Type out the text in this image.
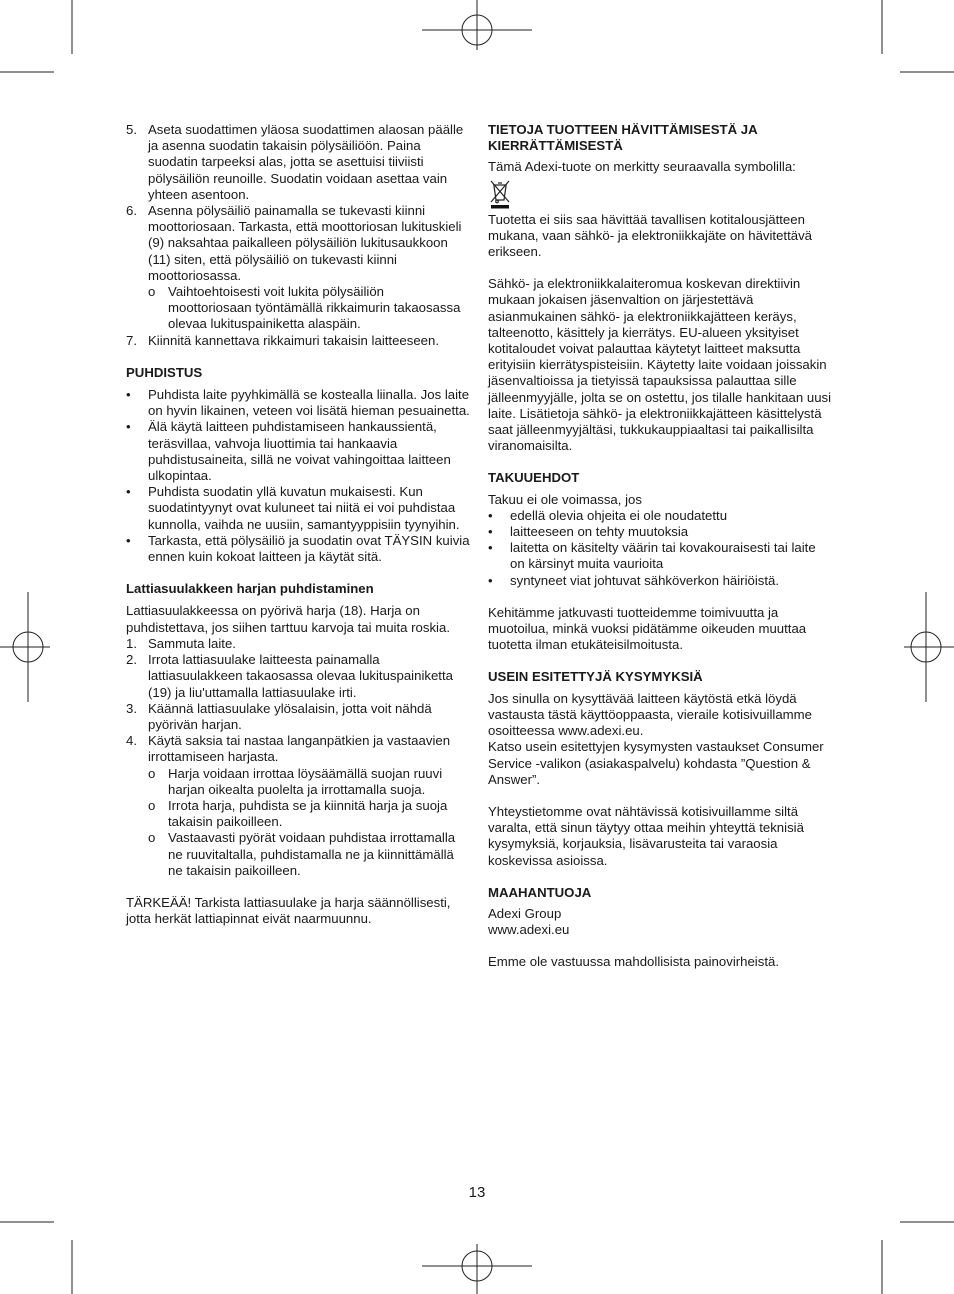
5. Aseta suodattimen yläosa suodattimen alaosan päälle ja asenna suodatin takaisin pölysäiliöön. Paina suodatin tarpeeksi alas, jotta se asettuisi tiiviisti pölysäiliön reunoille. Suodatin voidaan asettaa vain yhteen asentoon.
6. Asenna pölysäiliö painamalla se tukevasti kiinni moottoriosaan. Tarkasta, että moottoriosan lukituskieli (9) naksahtaa paikalleen pölysäiliön lukitusaukkoon (11) siten, että pölysäiliö on tukevasti kiinni moottoriosassa.
o Vaihtoehtoisesti voit lukita pölysäiliön moottoriosaan työntämällä rikkaimurin takaosassa olevaa lukituspainiketta alaspäin.
7. Kiinnitä kannettava rikkaimuri takaisin laitteeseen.

PUHDISTUS

• Puhdista laite pyyhkimällä se kostealla liinalla. Jos laite on hyvin likainen, veteen voi lisätä hieman pesuainetta.
• Älä käytä laitteen puhdistamiseen hankaussientä, teräsvillaa, vahvoja liuottimia tai hankaavia puhdistusaineita, sillä ne voivat vahingoittaa laitteen ulkopintaa.
• Puhdista suodatin yllä kuvatun mukaisesti. Kun suodatintyynyt ovat kuluneet tai niitä ei voi puhdistaa kunnolla, vaihda ne uusiin, samantyyppisiin tyynyihin.
• Tarkasta, että pölysäiliö ja suodatin ovat TÄYSIN kuivia ennen kuin kokoat laitteen ja käytät sitä.

Lattiasuulakkeen harjan puhdistaminen

Lattiasuulakkeessa on pyörivä harja (18). Harja on puhdistettava, jos siihen tarttuu karvoja tai muita roskia.

1. Sammuta laite.
2. Irrota lattiasuulake laitteesta painamalla lattiasuulakkeen takaosassa olevaa lukituspainiketta (19) ja liu'uttamalla lattiasuulake irti.
3. Käännä lattiasuulake ylösalaisin, jotta voit nähdä pyörivän harjan.
4. Käytä saksia tai nastaa langanpätkien ja vastaavien irrottamiseen harjasta.
o Harja voidaan irrottaa löysäämällä suojan ruuvi harjan oikealta puolelta ja irrottamalla suoja.
o Irrota harja, puhdista se ja kiinnitä harja ja suoja takaisin paikoilleen.
o Vastaavasti pyörät voidaan puhdistaa irrottamalla ne ruuvitaltalla, puhdistamalla ne ja kiinnittämällä ne takaisin paikoilleen.

TÄRKEÄÄ! Tarkista lattiasuulake ja harja säännöllisesti, jotta herkät lattiapinnat eivät naarmuunnu.

TIETOJA TUOTTEEN HÄVITTÄMISESTÄ JA KIERRÄTTÄMISESTÄ

Tämä Adexi-tuote on merkitty seuraavalla symbolilla:

Tuotetta ei siis saa hävittää tavallisen kotitalousjätteen mukana, vaan sähkö- ja elektroniikkajäte on hävitettävä erikseen.

Sähkö- ja elektroniikkalaiteromua koskevan direktiivin mukaan jokaisen jäsenvaltion on järjestettävä asianmukainen sähkö- ja elektroniikkajätteen keräys, talteenotto, käsittely ja kierrätys. EU-alueen yksityiset kotitaloudet voivat palauttaa käytetyt laitteet maksutta erityisiin kierrätyspisteisiin. Käytetty laite voidaan joissakin jäsenvaltioissa ja tietyissä tapauksissa palauttaa sille jälleenmyyjälle, jolta se on ostettu, jos tilalle hankitaan uusi laite. Lisätietoja sähkö- ja elektroniikkajätteen käsittelystä saat jälleenmyyjältäsi, tukkukauppiaaltasi tai paikallisilta viranomaisilta.

TAKUUEHDOT

Takuu ei ole voimassa, jos

• edellä olevia ohjeita ei ole noudatettu
• laitteeseen on tehty muutoksia
• laitetta on käsitelty väärin tai kovakouraisesti tai laite on kärsinyt muita vaurioita
• syntyneet viat johtuvat sähköverkon häiriöistä.

Kehitämme jatkuvasti tuotteidemme toimivuutta ja muotoilua, minkä vuoksi pidätämme oikeuden muuttaa tuotetta ilman etukäteisilmoitusta.

USEIN ESITETTYJÄ KYSYMYKSIÄ

Jos sinulla on kysyttävää laitteen käytöstä etkä löydä vastausta tästä käyttöoppaasta, vieraile kotisivuillamme osoitteessa www.adexi.eu.

Katso usein esitettyjen kysymysten vastaukset Consumer Service -valikon (asiakaspalvelu) kohdasta ”Question & Answer”.

Yhteystietomme ovat nähtävissä kotisivuillamme siltä varalta, että sinun täytyy ottaa meihin yhteyttä teknisiä kysymyksiä, korjauksia, lisävarusteita tai varaosia koskevissa asioissa.

MAAHANTUOJA

Adexi Group

www.adexi.eu

Emme ole vastuussa mahdollisista painovirheistä.

13
